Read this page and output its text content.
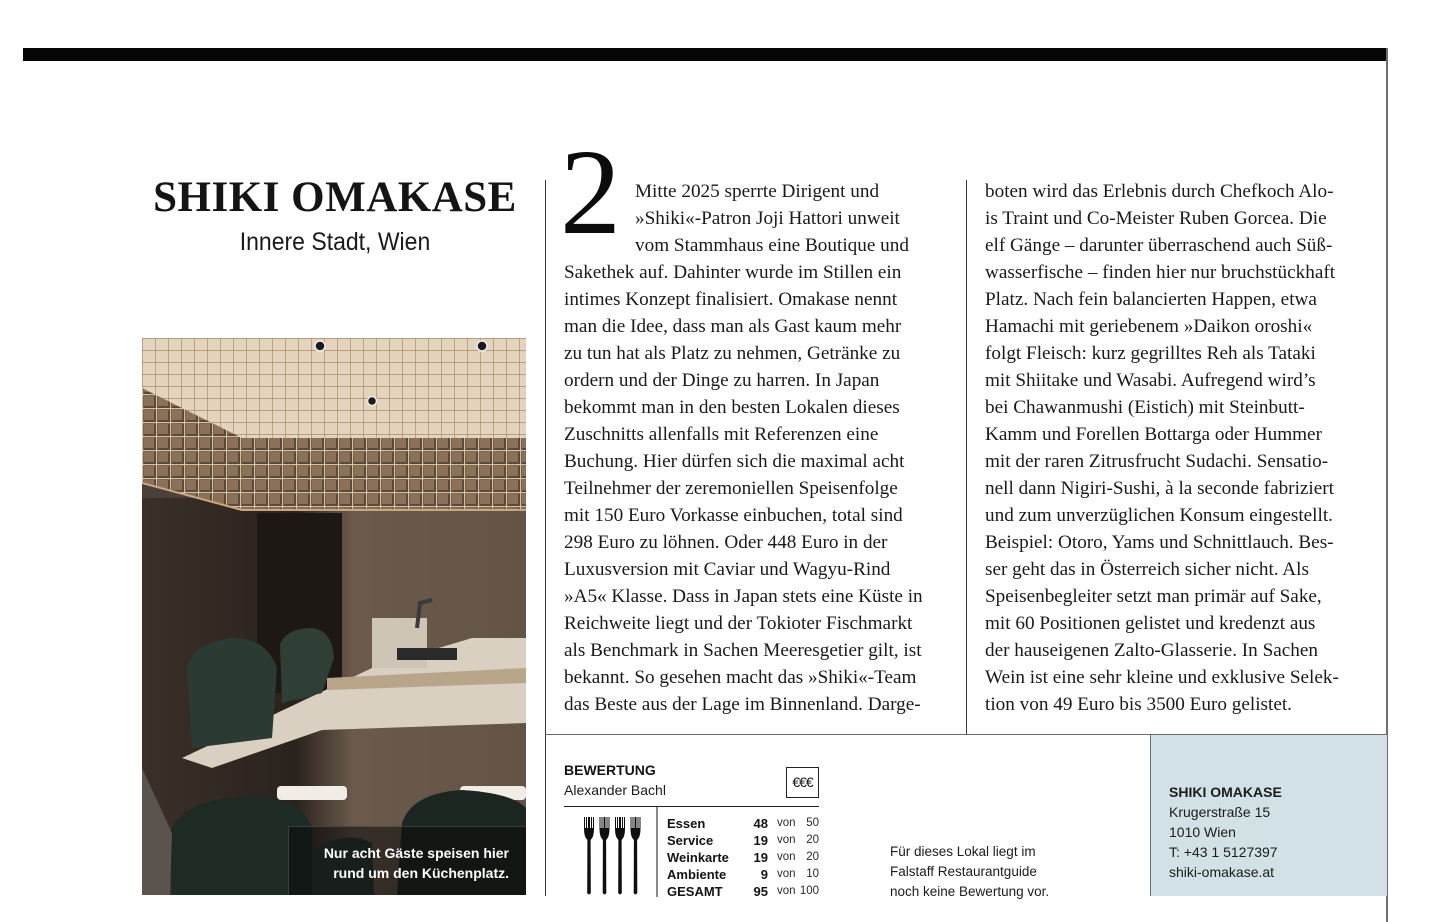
SHIKI OMAKASE
Innere Stadt, Wien
Nur acht Gäste speisen hier
rund um den Küchenplatz.
2 Mitte 2025 sperrte Dirigent und
»Shiki«-Patron Joji Hattori unweit
vom Stammhaus eine Boutique und
Sakethek auf. Dahinter wurde im Stillen ein
intimes Konzept finalisiert. Omakase nennt
man die Idee, dass man als Gast kaum mehr
zu tun hat als Platz zu nehmen, Getränke zu
ordern und der Dinge zu harren. In Japan
bekommt man in den besten Lokalen dieses
Zuschnitts allenfalls mit Referenzen eine
Buchung. Hier dürfen sich die maximal acht
Teilnehmer der zeremoniellen Speisenfolge
mit 150 Euro Vorkasse einbuchen, total sind
298 Euro zu löhnen. Oder 448 Euro in der
Luxusversion mit Caviar und Wagyu-Rind
»A5« Klasse. Dass in Japan stets eine Küste in
Reichweite liegt und der Tokioter Fischmarkt
als Benchmark in Sachen Meeresgetier gilt, ist
bekannt. So gesehen macht das »Shiki«-Team
das Beste aus der Lage im Binnenland. Darge-
boten wird das Erlebnis durch Chefkoch Alo-
is Traint und Co-Meister Ruben Gorcea. Die
elf Gänge – darunter überraschend auch Süß-
wasserfische – finden hier nur bruchstückhaft
Platz. Nach fein balancierten Happen, etwa
Hamachi mit geriebenem »Daikon oroshi«
folgt Fleisch: kurz gegrilltes Reh als Tataki
mit Shiitake und Wasabi. Aufregend wird’s
bei Chawanmushi (Eistich) mit Steinbutt-
Kamm und Forellen Bottarga oder Hummer
mit der raren Zitrusfrucht Sudachi. Sensatio-
nell dann Nigiri-Sushi, à la seconde fabriziert
und zum unverzüglichen Konsum eingestellt.
Beispiel: Otoro, Yams und Schnittlauch. Bes-
ser geht das in Österreich sicher nicht. Als
Speisenbegleiter setzt man primär auf Sake,
mit 60 Positionen gelistet und kredenzt aus
der hauseigenen Zalto-Glasserie. In Sachen
Wein ist eine sehr kleine und exklusive Selek-
tion von 49 Euro bis 3500 Euro gelistet.
BEWERTUNG
Alexander Bachl	€€€
Essen	48 von 50
Service	19 von 20
Weinkarte 19 von 20
Ambiente	9 von 10
GESAMT 95 von 100
Für dieses Lokal liegt im
Falstaff Restaurantguide
noch keine Bewertung vor.
SHIKI OMAKASE
Krugerstraße 15
1010 Wien
T: +43 1 5127397
shiki-omakase.at
